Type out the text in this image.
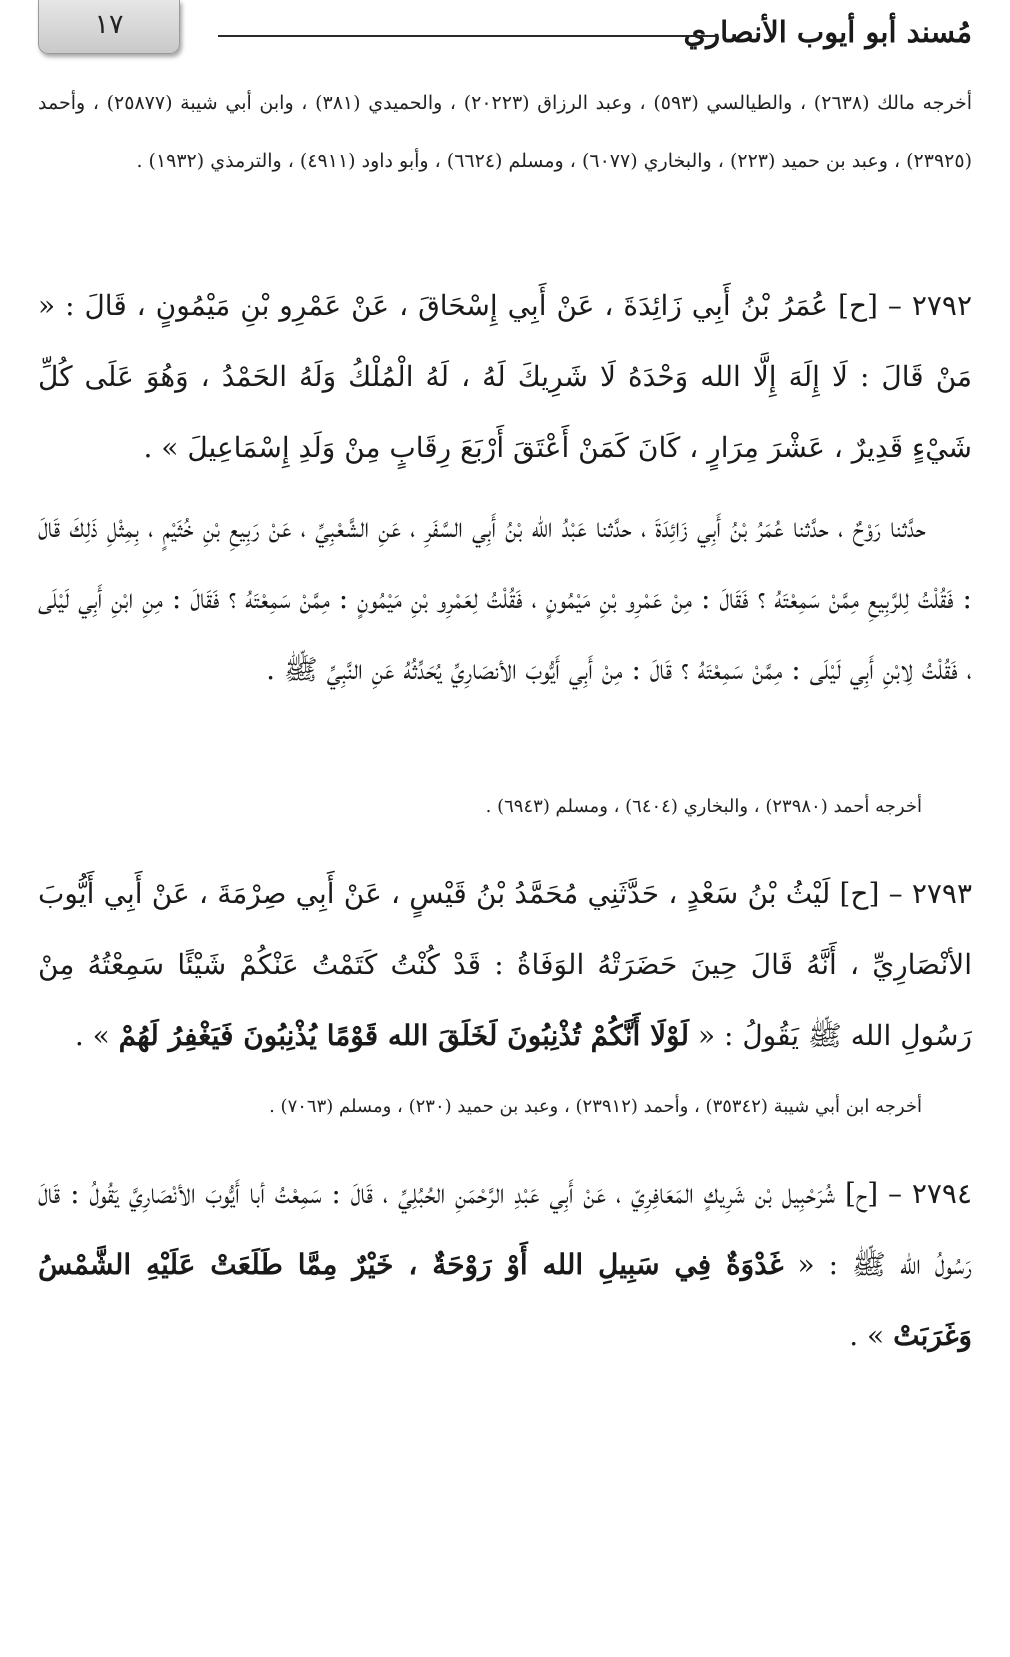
مُسند أبو أيوب الأنصاري
١٧

أخرجه مالك (٢٦٣٨) ، والطيالسي (٥٩٣) ، وعبد الرزاق (٢٠٢٢٣) ، والحميدي (٣٨١) ، وابن أبي شيبة (٢٥٨٧٧) ، وأحمد (٢٣٩٢٥) ، وعبد بن حميد (٢٢٣) ، والبخاري (٦٠٧٧) ، ومسلم (٦٦٢٤) ، وأبو داود (٤٩١١) ، والترمذي (١٩٣٢) .

٢٧٩٢ – [ح] عُمَرُ بْنُ أَبِي زَائِدَةَ ، عَنْ أَبِي إِسْحَاقَ ، عَنْ عَمْرِو بْنِ مَيْمُونٍ ، قَالَ : « مَنْ قَالَ : لَا إِلَهَ إِلَّا الله وَحْدَهُ لَا شَرِيكَ لَهُ ، لَهُ الْمُلْكُ وَلَهُ الحَمْدُ ، وَهُوَ عَلَى كُلِّ شَيْءٍ قَدِيرٌ ، عَشْرَ مِرَارٍ ، كَانَ كَمَنْ أَعْتَقَ أَرْبَعَ رِقَابٍ مِنْ وَلَدِ إِسْمَاعِيلَ » .

حدَّثنا رَوْحٌ ، حدَّثنا عُمَرُ بْنُ أَبِي زَائِدَةَ ، حدَّثنا عَبْدُ الله بْنُ أَبِي السَّفَرِ ، عَنِ الشَّعْبِيِّ ، عَنْ رَبِيعِ بْنِ خُثَيْمٍ ، بِمِثْلِ ذَلِكَ قَالَ : فَقُلْتُ لِلرَّبِيعِ مِمَّنْ سَمِعْتَهُ ؟ فَقَالَ : مِنْ عَمْرِو بْنِ مَيْمُونٍ ، فَقُلْتُ لِعَمْرِو بْنِ مَيْمُونٍ : مِمَّنْ سَمِعْتَهُ ؟ فَقَالَ : مِنِ ابْنِ أَبِي لَيْلَى ، فَقُلْتُ لِابْنِ أَبِي لَيْلَى : مِمَّنْ سَمِعْتَهُ ؟ قَالَ : مِنْ أَبِي أَيُّوبَ الأنصَارِيِّ يُحَدِّثُهُ عَنِ النَّبِيِّ ﷺ .

أخرجه أحمد (٢٣٩٨٠) ، والبخاري (٦٤٠٤) ، ومسلم (٦٩٤٣) .

٢٧٩٣ – [ح] لَيْثُ بْنُ سَعْدٍ ، حَدَّثَنِي مُحَمَّدُ بْنُ قَيْسٍ ، عَنْ أَبِي صِرْمَةَ ، عَنْ أَبِي أَيُّوبَ الأنْصَارِيِّ ، أَنَّهُ قَالَ حِينَ حَضَرَتْهُ الوَفَاةُ : قَدْ كُنْتُ كَتَمْتُ عَنْكُمْ شَيْئًا سَمِعْتُهُ مِنْ رَسُولِ الله ﷺ يَقُولُ : « لَوْلَا أَنَّكُمْ تُذْنِبُونَ لَخَلَقَ الله قَوْمًا يُذْنِبُونَ فَيَغْفِرُ لَهُمْ » .

أخرجه ابن أبي شيبة (٣٥٣٤٢) ، وأحمد (٢٣٩١٢) ، وعبد بن حميد (٢٣٠) ، ومسلم (٧٠٦٣) .

٢٧٩٤ – [ح] شُرَحْبِيل بْن شَرِيكٍ المَعَافِرِيّ ، عَنْ أَبِي عَبْدِ الرَّحْمَنِ الحُبُلِيِّ ، قَالَ : سَمِعْتُ أبا أَيُّوبَ الأنْصَارِيَّ يَقُولُ : قَالَ رَسُولُ الله ﷺ : « غَدْوَةٌ فِي سَبِيلِ الله أَوْ رَوْحَةٌ ، خَيْرٌ مِمَّا طَلَعَتْ عَلَيْهِ الشَّمْسُ وَغَرَبَتْ » .
